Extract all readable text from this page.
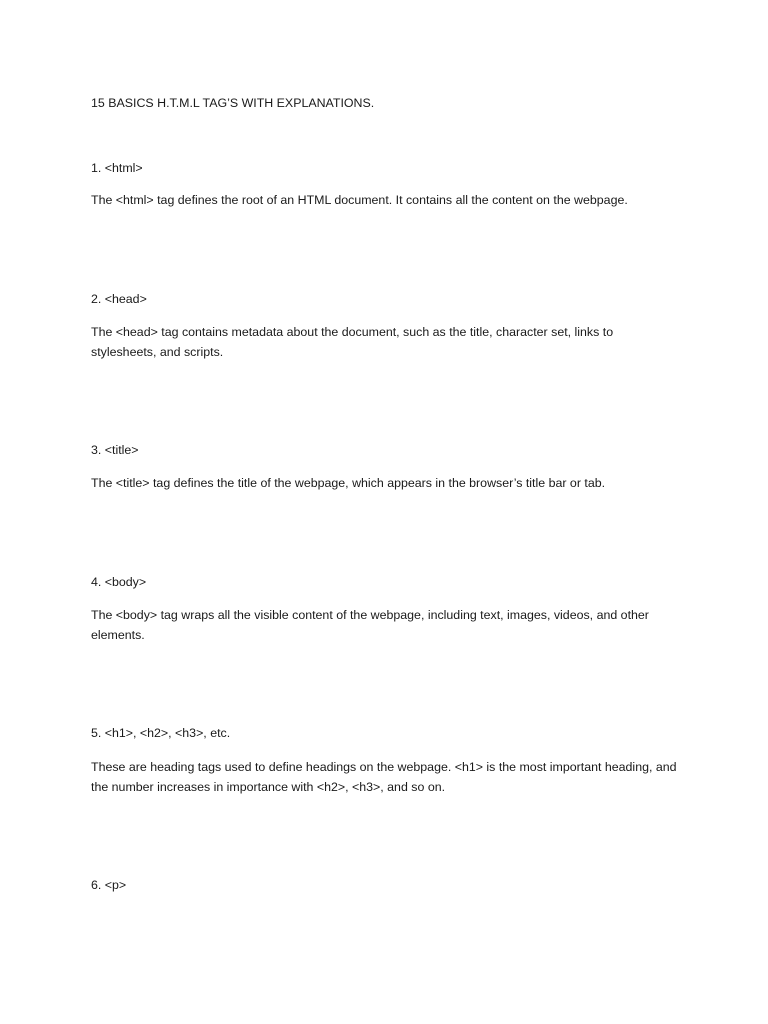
15 BASICS H.T.M.L TAG’S WITH EXPLANATIONS.

1. <html>

The <html> tag defines the root of an HTML document. It contains all the content on the webpage.

2. <head>

The <head> tag contains metadata about the document, such as the title, character set, links to stylesheets, and scripts.

3. <title>

The <title> tag defines the title of the webpage, which appears in the browser’s title bar or tab.

4. <body>

The <body> tag wraps all the visible content of the webpage, including text, images, videos, and other elements.

5. <h1>, <h2>, <h3>, etc.

These are heading tags used to define headings on the webpage. <h1> is the most important heading, and the number increases in importance with <h2>, <h3>, and so on.

6. <p>
